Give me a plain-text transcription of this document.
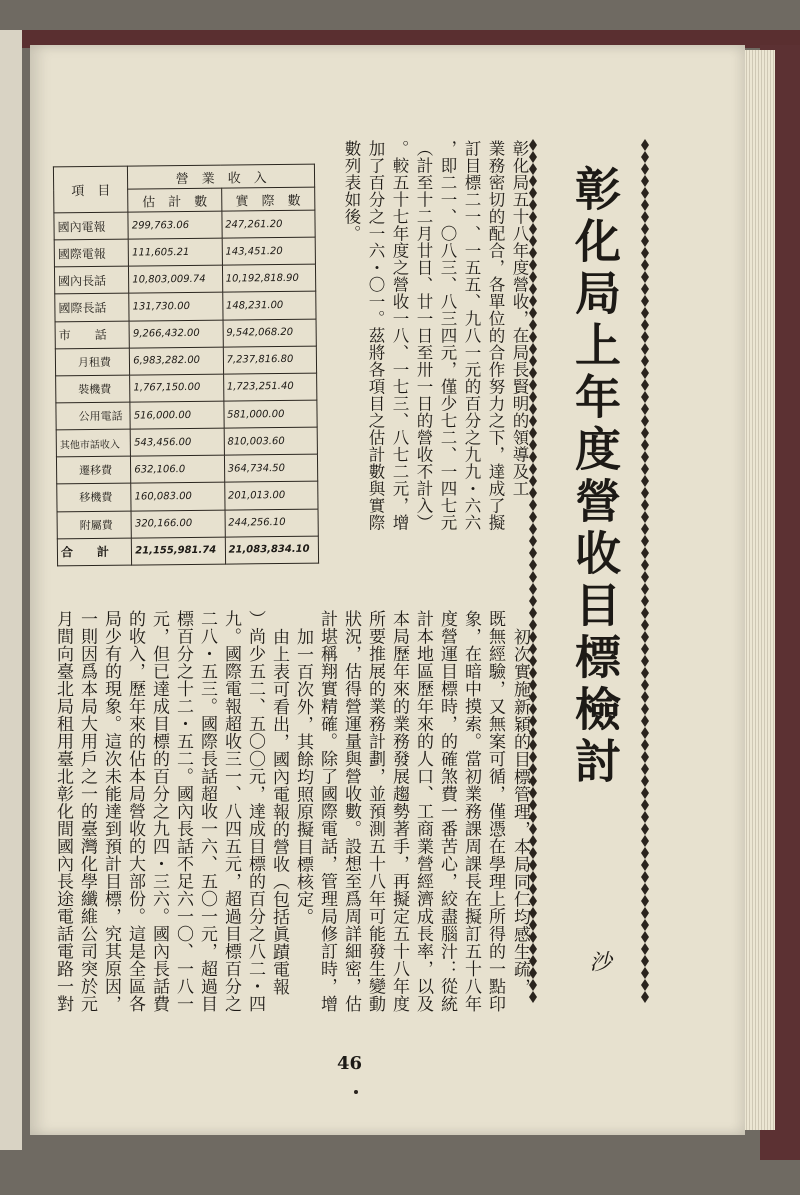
彰化局上年度營收目標檢討
沙
彰化局五十八年度營收，在局長賢明的領導及工
業務密切的配合，各單位的合作努力之下，達成了擬
訂目標二一、一五五、九八一元的百分之九九・六六
，即二一、〇八三、八三四元，僅少七二、一四七元
（計至十二月廿日、廿一日至卅一日的營收不計入）
。較五十七年度之營收一八、一七三、八七二元，增
加了百分之一六・〇一。茲將各項目之估計數與實際
數列表如後。
初次實施新穎的目標管理，本局同仁均感生疏，
既無經驗，又無案可循，僅憑在學理上所得的一點印
象，在暗中摸索。當初業務課周課長在擬訂五十八年
度營運目標時，的確煞費一番苦心，絞盡腦汁：從統
計本地區歷年來的人口、工商業營經濟成長率，以及
本局歷年來的業務發展趨勢著手，再擬定五十八年度
所要推展的業務計劃，並預測五十八年可能發生變動
狀況，估得營運量與營收數。設想至爲周詳細密，估
計堪稱翔實精確。除了國際電話，管理局修訂時，增
加一百次外，其餘均照原擬目標核定。
由上表可看出，國內電報的營收（包括眞蹟電報
）尚少五二、五〇〇元，達成目標的百分之八二・四
九。國際電報超收三一、八四五元，超過目標百分之
二八・五三。國際長話超收一六、五〇一元，超過目
標百分之十二・五二。國內長話不足六一〇、一八一
元，但已達成目標的百分之九四・三六。國內長話費
的收入，歷年來的佔本局營收的大部份。這是全區各
局少有的現象。這次未能達到預計目標，究其原因，
一則因爲本局大用戶之一的臺灣化學纖維公司突於元
月間向臺北局租用臺北彰化間國內長途電話電路一對
項　目	營　業　收　入	
	估　計　數	實　際　數
國內電報	299,763.06	247,261.20
國際電報	111,605.21	143,451.20
國內長話	10,803,009.74	10,192,818.90
國際長話	131,730.00	148,231.00
市　　話	9,266,432.00	9,542,068.20
月租費	6,983,282.00	7,237,816.80
裝機費	1,767,150.00	1,723,251.40
公用電話	516,000.00	581,000.00
其他市話收入	543,456.00	810,003.60
遷移費	632,106.0	364,734.50
移機費	160,083.00	201,013.00
附屬費	320,166.00	244,256.10
合　　計	21,155,981.74	21,083,834.10
46
